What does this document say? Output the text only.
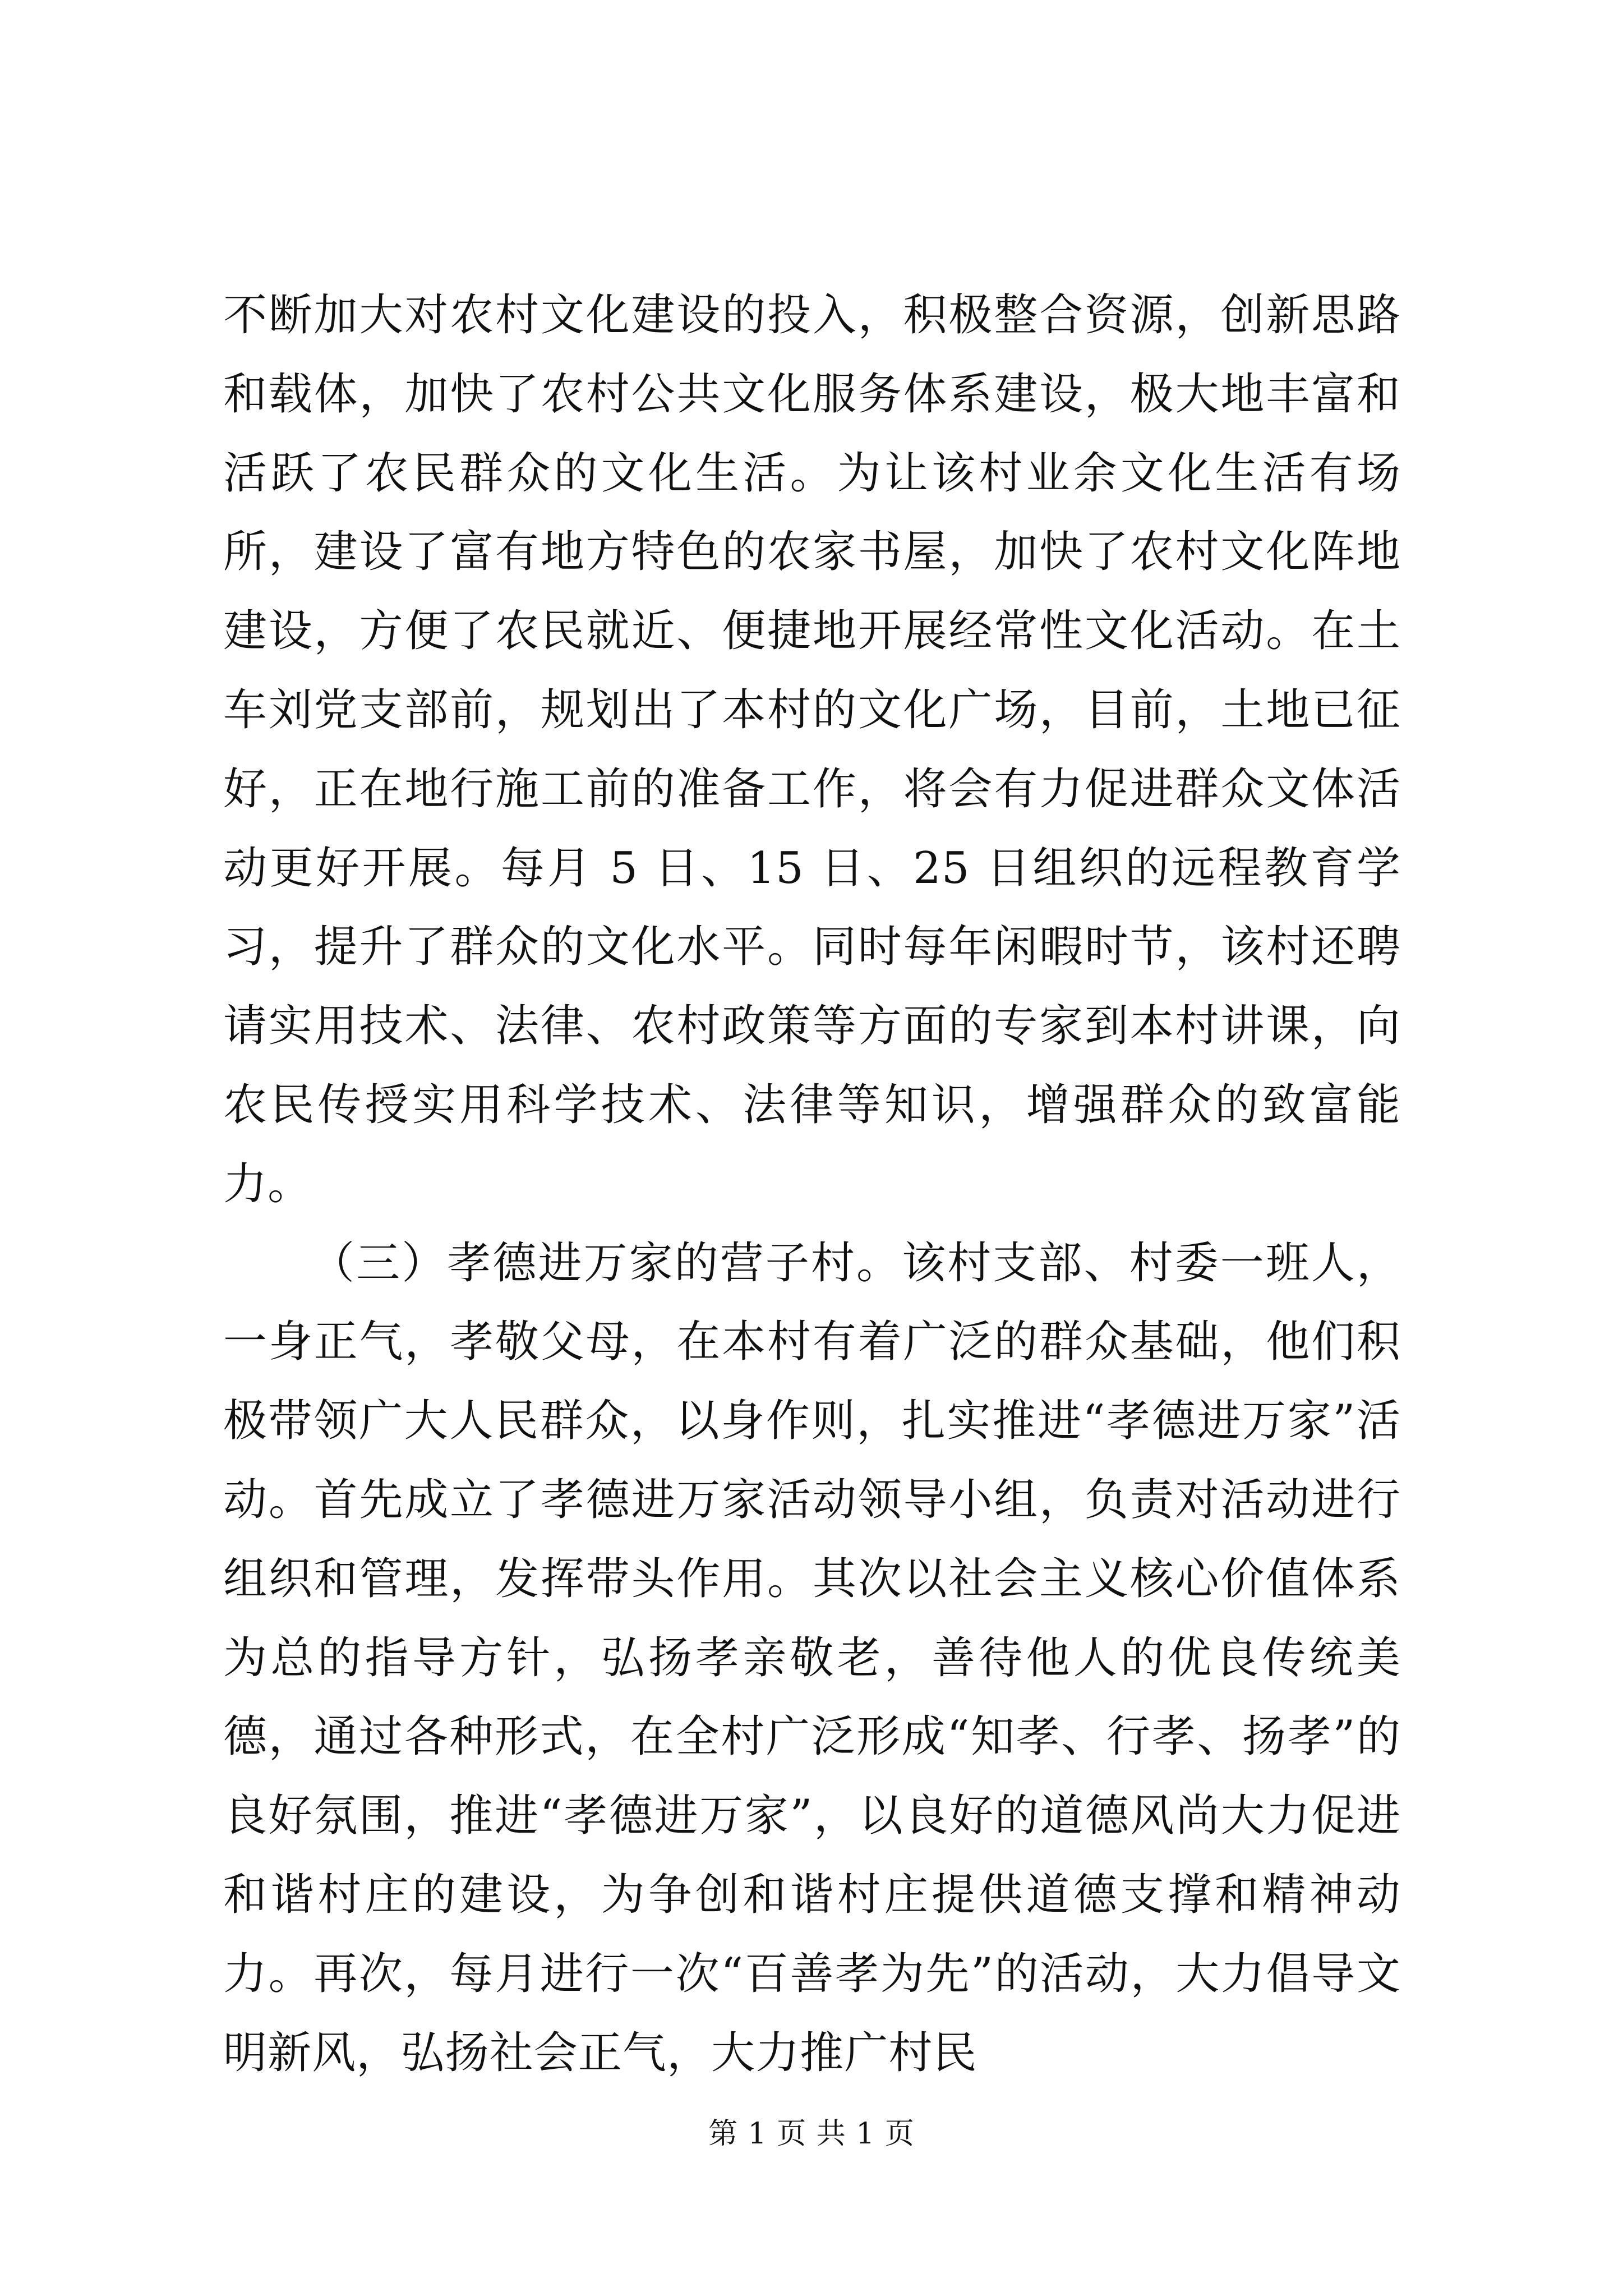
不断加大对农村文化建设的投入，积极整合资源，创新思路和载体，加快了农村公共文化服务体系建设，极大地丰富和活跃了农民群众的文化生活。为让该村业余文化生活有场所，建设了富有地方特色的农家书屋，加快了农村文化阵地建设，方便了农民就近、便捷地开展经常性文化活动。在土车刘党支部前，规划出了本村的文化广场，目前，土地已征好，正在地行施工前的准备工作，将会有力促进群众文体活动更好开展。每月 5 日、15 日、25 日组织的远程教育学习，提升了群众的文化水平。同时每年闲暇时节，该村还聘请实用技术、法律、农村政策等方面的专家到本村讲课，向农民传授实用科学技术、法律等知识，增强群众的致富能力。

（三）孝德进万家的营子村。该村支部、村委一班人，一身正气，孝敬父母，在本村有着广泛的群众基础，他们积极带领广大人民群众，以身作则，扎实推进“孝德进万家”活动。首先成立了孝德进万家活动领导小组，负责对活动进行组织和管理，发挥带头作用。其次以社会主义核心价值体系为总的指导方针，弘扬孝亲敬老，善待他人的优良传统美德，通过各种形式，在全村广泛形成“知孝、行孝、扬孝”的良好氛围，推进“孝德进万家”，以良好的道德风尚大力促进和谐村庄的建设，为争创和谐村庄提供道德支撑和精神动力。再次，每月进行一次“百善孝为先”的活动，大力倡导文明新风，弘扬社会正气，大力推广村民

第 1 页 共 1 页
